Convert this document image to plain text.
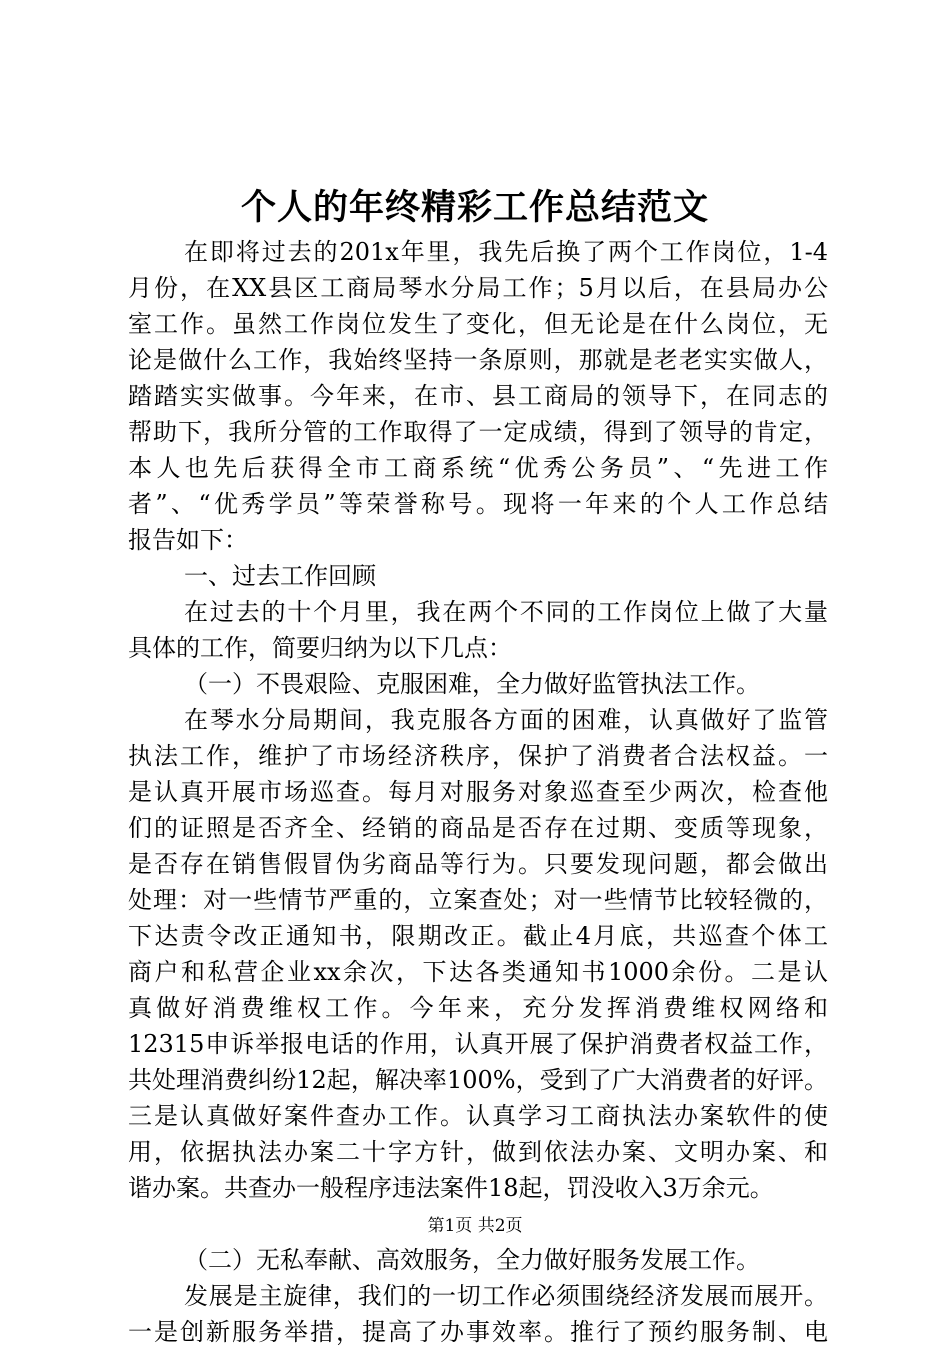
个人的年终精彩工作总结范文
在即将过去的201x年里，我先后换了两个工作岗位，1-4
月份，在XX县区工商局琴水分局工作；5月以后，在县局办公
室工作。虽然工作岗位发生了变化，但无论是在什么岗位，无
论是做什么工作，我始终坚持一条原则，那就是老老实实做人，
踏踏实实做事。今年来，在市、县工商局的领导下，在同志的
帮助下，我所分管的工作取得了一定成绩，得到了领导的肯定，
本人也先后获得全市工商系统“优秀公务员”、“先进工作
者”、“优秀学员”等荣誉称号。现将一年来的个人工作总结
报告如下：
一、过去工作回顾
在过去的十个月里，我在两个不同的工作岗位上做了大量
具体的工作，简要归纳为以下几点：
（一）不畏艰险、克服困难，全力做好监管执法工作。
在琴水分局期间，我克服各方面的困难，认真做好了监管
执法工作，维护了市场经济秩序，保护了消费者合法权益。一
是认真开展市场巡查。每月对服务对象巡查至少两次，检查他
们的证照是否齐全、经销的商品是否存在过期、变质等现象，
是否存在销售假冒伪劣商品等行为。只要发现问题，都会做出
处理：对一些情节严重的，立案查处；对一些情节比较轻微的，
下达责令改正通知书，限期改正。截止4月底，共巡查个体工
商户和私营企业xx余次，下达各类通知书1000余份。二是认
真做好消费维权工作。今年来，充分发挥消费维权网络和
12315申诉举报电话的作用，认真开展了保护消费者权益工作，
共处理消费纠纷12起，解决率100%，受到了广大消费者的好评。
三是认真做好案件查办工作。认真学习工商执法办案软件的使
用，依据执法办案二十字方针，做到依法办案、文明办案、和
谐办案。共查办一般程序违法案件18起，罚没收入3万余元。
（二）无私奉献、高效服务，全力做好服务发展工作。
发展是主旋律，我们的一切工作必须围绕经济发展而展开。
一是创新服务举措，提高了办事效率。推行了预约服务制、电
第1页 共2页
